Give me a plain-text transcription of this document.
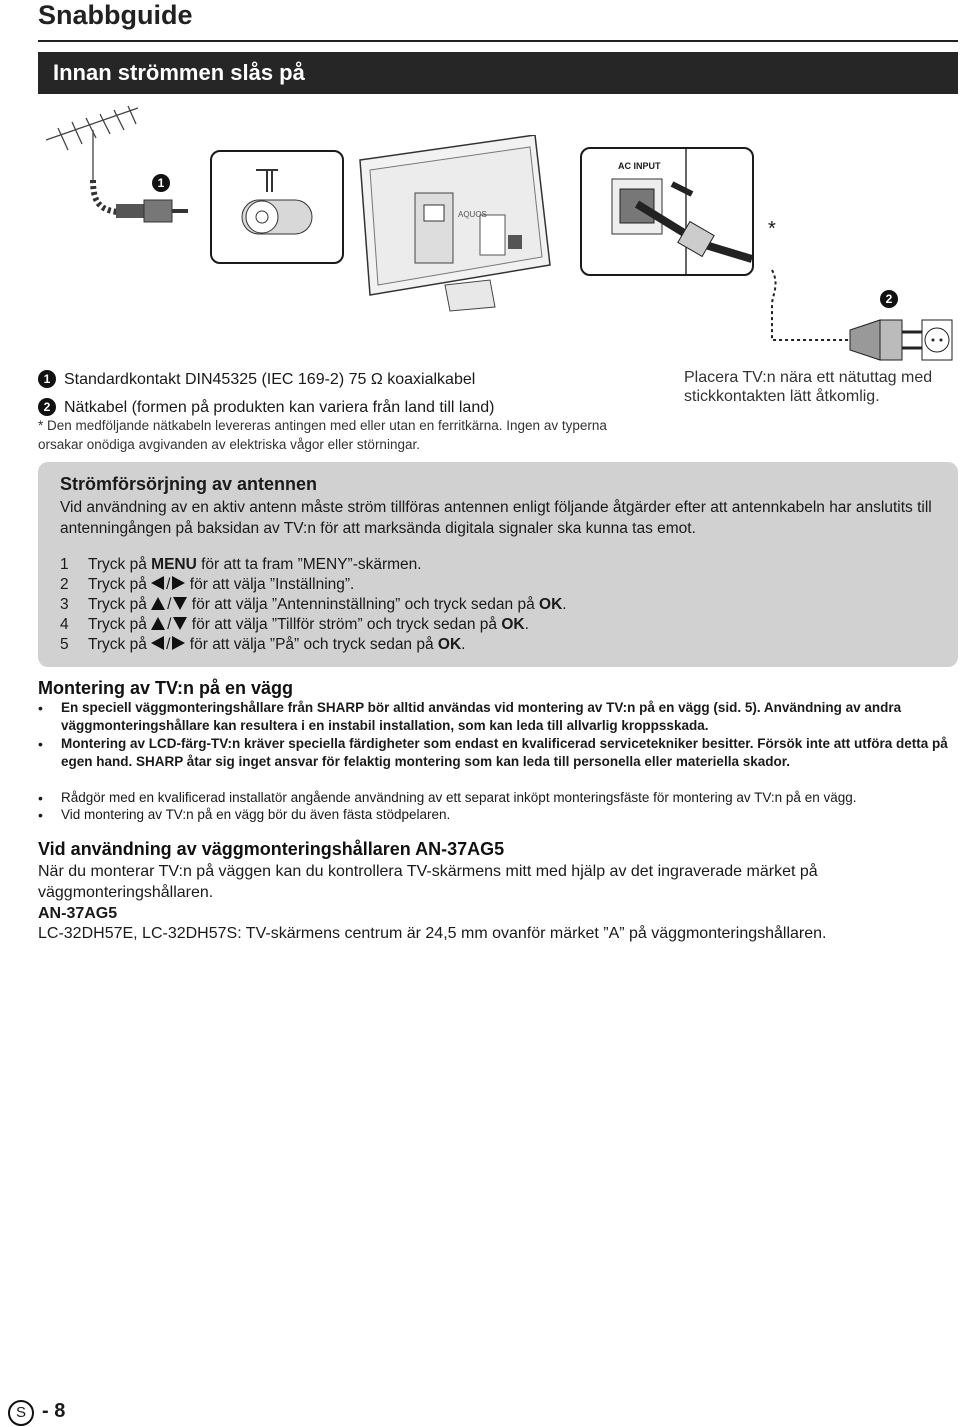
Snabbguide
Innan strömmen slås på
1
AQUOS
AC INPUT
*
2
1 Standardkontakt DIN45325 (IEC 169-2) 75 Ω koaxialkabel
2 Nätkabel (formen på produkten kan variera från land till land)
* Den medföljande nätkabeln levereras antingen med eller utan en ferritkärna. Ingen av typerna orsakar onödiga avgivanden av elektriska vågor eller störningar.
Placera TV:n nära ett nätuttag med stickkontakten lätt åtkomlig.
Strömförsörjning av antennen
Vid användning av en aktiv antenn måste ström tillföras antennen enligt följande åtgärder efter att antennkabeln har anslutits till antenningången på baksidan av TV:n för att marksända digitala signaler ska kunna tas emot.
1 Tryck på MENU för att ta fram ”MENY”-skärmen.
2 Tryck på / för att välja ”Inställning”.
3 Tryck på / för att välja ”Antenninställning” och tryck sedan på OK.
4 Tryck på / för att välja ”Tillför ström” och tryck sedan på OK.
5 Tryck på / för att välja ”På” och tryck sedan på OK.
Montering av TV:n på en vägg
• En speciell väggmonteringshållare från SHARP bör alltid användas vid montering av TV:n på en vägg (sid. 5). Användning av andra väggmonteringshållare kan resultera i en instabil installation, som kan leda till allvarlig kroppsskada.
• Montering av LCD-färg-TV:n kräver speciella färdigheter som endast en kvalificerad servicetekniker besitter. Försök inte att utföra detta på egen hand. SHARP åtar sig inget ansvar för felaktig montering som kan leda till personella eller materiella skador.
• Rådgör med en kvalificerad installatör angående användning av ett separat inköpt monteringsfäste för montering av TV:n på en vägg.
• Vid montering av TV:n på en vägg bör du även fästa stödpelaren.
Vid användning av väggmonteringshållaren AN-37AG5
När du monterar TV:n på väggen kan du kontrollera TV-skärmens mitt med hjälp av det ingraverade märket på väggmonteringshållaren.
AN-37AG5
LC-32DH57E, LC-32DH57S: TV-skärmens centrum är 24,5 mm ovanför märket ”A” på väggmonteringshållaren.
S - 8
